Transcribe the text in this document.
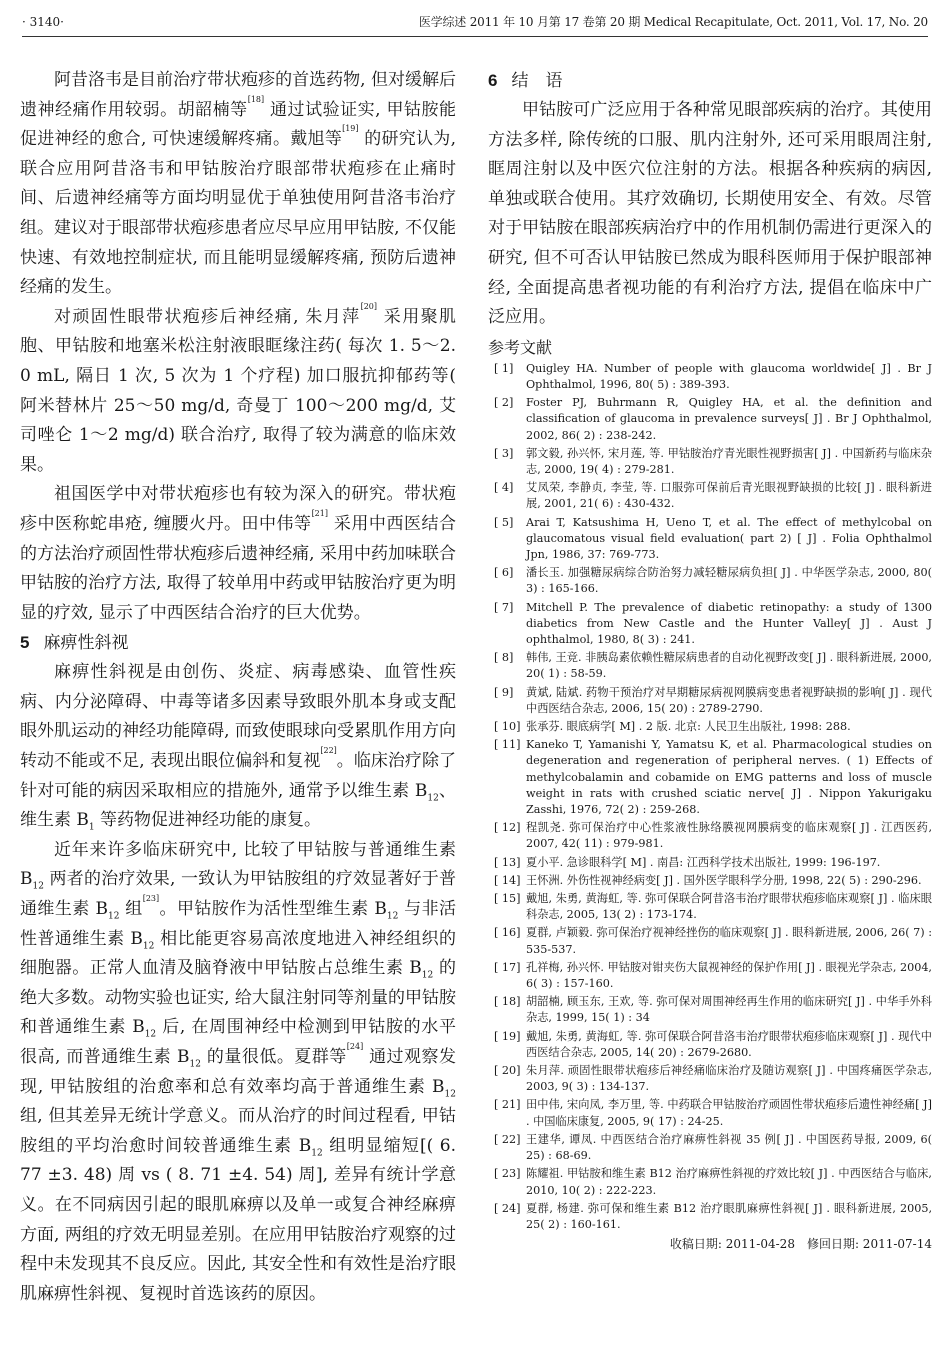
· 3140·	医学综述 2011 年 10 月第 17 卷第 20 期 Medical Recapitulate, Oct. 2011, Vol. 17, No. 20

阿昔洛韦是目前治疗带状疱疹的首选药物, 但对缓解后遗神经痛作用较弱。胡韶楠等[18] 通过试验证实, 甲钴胺能促进神经的愈合, 可快速缓解疼痛。戴旭等[19] 的研究认为, 联合应用阿昔洛韦和甲钴胺治疗眼部带状疱疹在止痛时间、后遗神经痛等方面均明显优于单独使用阿昔洛韦治疗组。建议对于眼部带状疱疹患者应尽早应用甲钴胺, 不仅能快速、有效地控制症状, 而且能明显缓解疼痛, 预防后遗神经痛的发生。

对顽固性眼带状疱疹后神经痛, 朱月萍[20] 采用聚肌胞、甲钴胺和地塞米松注射液眼眶缘注药( 每次 1. 5～2. 0 mL, 隔日 1 次, 5 次为 1 个疗程) 加口服抗抑郁药等( 阿米替林片 25～50 mg/d, 奇曼丁 100～200 mg/d, 艾司唑仑 1～2 mg/d) 联合治疗, 取得了较为满意的临床效果。

祖国医学中对带状疱疹也有较为深入的研究。带状疱疹中医称蛇串疮, 缠腰火丹。田中伟等[21] 采用中西医结合的方法治疗顽固性带状疱疹后遗神经痛, 采用中药加味联合甲钴胺的治疗方法, 取得了较单用中药或甲钴胺治疗更为明显的疗效, 显示了中西医结合治疗的巨大优势。

5 麻痹性斜视

麻痹性斜视是由创伤、炎症、病毒感染、血管性疾病、内分泌障碍、中毒等诸多因素导致眼外肌本身或支配眼外肌运动的神经功能障碍, 而致使眼球向受累肌作用方向转动不能或不足, 表现出眼位偏斜和复视[22]。临床治疗除了针对可能的病因采取相应的措施外, 通常予以维生素 $B_{12}$、维生素 $B_1$ 等药物促进神经功能的康复。

近年来许多临床研究中, 比较了甲钴胺与普通维生素 $B_{12}$ 两者的治疗效果, 一致认为甲钴胺组的疗效显著好于普通维生素 $B_{12}$ 组[23]。甲钴胺作为活性型维生素 $B_{12}$ 与非活性普通维生素 $B_{12}$ 相比能更容易高浓度地进入神经组织的细胞器。正常人血清及脑脊液中甲钴胺占总维生素 $B_{12}$ 的绝大多数。动物实验也证实, 给大鼠注射同等剂量的甲钴胺和普通维生素 $B_{12}$ 后, 在周围神经中检测到甲钴胺的水平很高, 而普通维生素 $B_{12}$ 的量很低。夏群等[24] 通过观察发现, 甲钴胺组的治愈率和总有效率均高于普通维生素 $B_{12}$ 组, 但其差异无统计学意义。而从治疗的时间过程看, 甲钴胺组的平均治愈时间较普通维生素 $B_{12}$ 组明显缩短[( 6. 77 ±3. 48) 周 vs ( 8. 71 ±4. 54) 周], 差异有统计学意义。在不同病因引起的眼肌麻痹以及单一或复合神经麻痹方面, 两组的疗效无明显差别。在应用甲钴胺治疗观察的过程中未发现其不良反应。因此, 其安全性和有效性是治疗眼肌麻痹性斜视、复视时首选该药的原因。

6 结　语

甲钴胺可广泛应用于各种常见眼部疾病的治疗。其使用方法多样, 除传统的口服、肌内注射外, 还可采用眼周注射, 眶周注射以及中医穴位注射的方法。根据各种疾病的病因, 单独或联合使用。其疗效确切, 长期使用安全、有效。尽管对于甲钴胺在眼部疾病治疗中的作用机制仍需进行更深入的研究, 但不可否认甲钴胺已然成为眼科医师用于保护眼部神经, 全面提高患者视功能的有利治疗方法, 提倡在临床中广泛应用。

参考文献

[ 1]	Quigley HA. Number of people with glaucoma worldwide[ J] . Br J Ophthalmol, 1996, 80( 5) : 389-393.
[ 2]	Foster PJ, Buhrmann R, Quigley HA, et al. the definition and classification of glaucoma in prevalence surveys[ J] . Br J Ophthalmol, 2002, 86( 2) : 238-242.
[ 3]	郭文毅, 孙兴怀, 宋月莲, 等. 甲钴胺治疗青光眼性视野损害[ J] . 中国新药与临床杂志, 2000, 19( 4) : 279-281.
[ 4]	艾凤荣, 李静贞, 李莹, 等. 口服弥可保前后青光眼视野缺损的比较[ J] . 眼科新进展, 2001, 21( 6) : 430-432.
[ 5]	Arai T, Katsushima H, Ueno T, et al. The effect of methylcobal on glaucomatous visual field evaluation( part 2) [ J] . Folia Ophthalmol Jpn, 1986, 37: 769-773.
[ 6]	潘长玉. 加强糖尿病综合防治努力减轻糖尿病负担[ J] . 中华医学杂志, 2000, 80( 3) : 165-166.
[ 7]	Mitchell P. The prevalence of diabetic retinopathy: a study of 1300 diabetics from New Castle and the Hunter Valley[ J] . Aust J ophthalmol, 1980, 8( 3) : 241.
[ 8]	韩伟, 王竞. 非胰岛素依赖性糖尿病患者的自动化视野改变[ J] . 眼科新进展, 2000, 20( 1) : 58-59.
[ 9]	黄斌, 陆斌. 药物干预治疗对早期糖尿病视网膜病变患者视野缺损的影响[ J] . 现代中西医结合杂志, 2006, 15( 20) : 2789-2790.
[ 10] 张承芬. 眼底病学[ M] . 2 版. 北京: 人民卫生出版社, 1998: 288.
[ 11] Kaneko T, Yamanishi Y, Yamatsu K, et al. Pharmacological studies on degeneration and regeneration of peripheral nerves. ( 1) Effects of methylcobalamin and cobamide on EMG patterns and loss of muscle weight in rats with crushed sciatic nerve[ J] . Nippon Yakurigaku Zasshi, 1976, 72( 2) : 259-268.
[ 12] 程凯尧. 弥可保治疗中心性浆液性脉络膜视网膜病变的临床观察[ J] . 江西医药, 2007, 42( 11) : 979-981.
[ 13] 夏小平. 急诊眼科学[ M] . 南昌: 江西科学技术出版社, 1999: 196-197.
[ 14] 王怀洲. 外伤性视神经病变[ J] . 国外医学眼科学分册, 1998, 22( 5) : 290-296.
[ 15] 戴旭, 朱勇, 黄海虹, 等. 弥可保联合阿昔洛韦治疗眼带状疱疹临床观察[ J] . 临床眼科杂志, 2005, 13( 2) : 173-174.
[ 16] 夏群, 卢颖毅. 弥可保治疗视神经挫伤的临床观察[ J] . 眼科新进展, 2006, 26( 7) : 535-537.
[ 17] 孔祥梅, 孙兴怀. 甲钴胺对钳夹伤大鼠视神经的保护作用[ J] . 眼视光学杂志, 2004, 6( 3) : 157-160.
[ 18] 胡韶楠, 顾玉东, 王欢, 等. 弥可保对周围神经再生作用的临床研究[ J] . 中华手外科杂志, 1999, 15( 1) : 34
[ 19] 戴旭, 朱勇, 黄海虹, 等. 弥可保联合阿昔洛韦治疗眼带状疱疹临床观察[ J] . 现代中西医结合杂志, 2005, 14( 20) : 2679-2680.
[ 20] 朱月萍. 顽固性眼带状疱疹后神经痛临床治疗及随访观察[ J] . 中国疼痛医学杂志, 2003, 9( 3) : 134-137.
[ 21] 田中伟, 宋向凤, 李万里, 等. 中药联合甲钴胺治疗顽固性带状疱疹后遗性神经痛[ J] . 中国临床康复, 2005, 9( 17) : 24-25.
[ 22] 王建华, 谭凤. 中西医结合治疗麻痹性斜视 35 例[ J] . 中国医药导报, 2009, 6( 25) : 68-69.
[ 23] 陈耀祖. 甲钴胺和维生素 B12 治疗麻痹性斜视的疗效比较[ J] . 中西医结合与临床, 2010, 10( 2) : 222-223.
[ 24] 夏群, 杨建. 弥可保和维生素 B12 治疗眼肌麻痹性斜视[ J] . 眼科新进展, 2005, 25( 2) : 160-161.
收稿日期: 2011-04-28　修回日期: 2011-07-14
